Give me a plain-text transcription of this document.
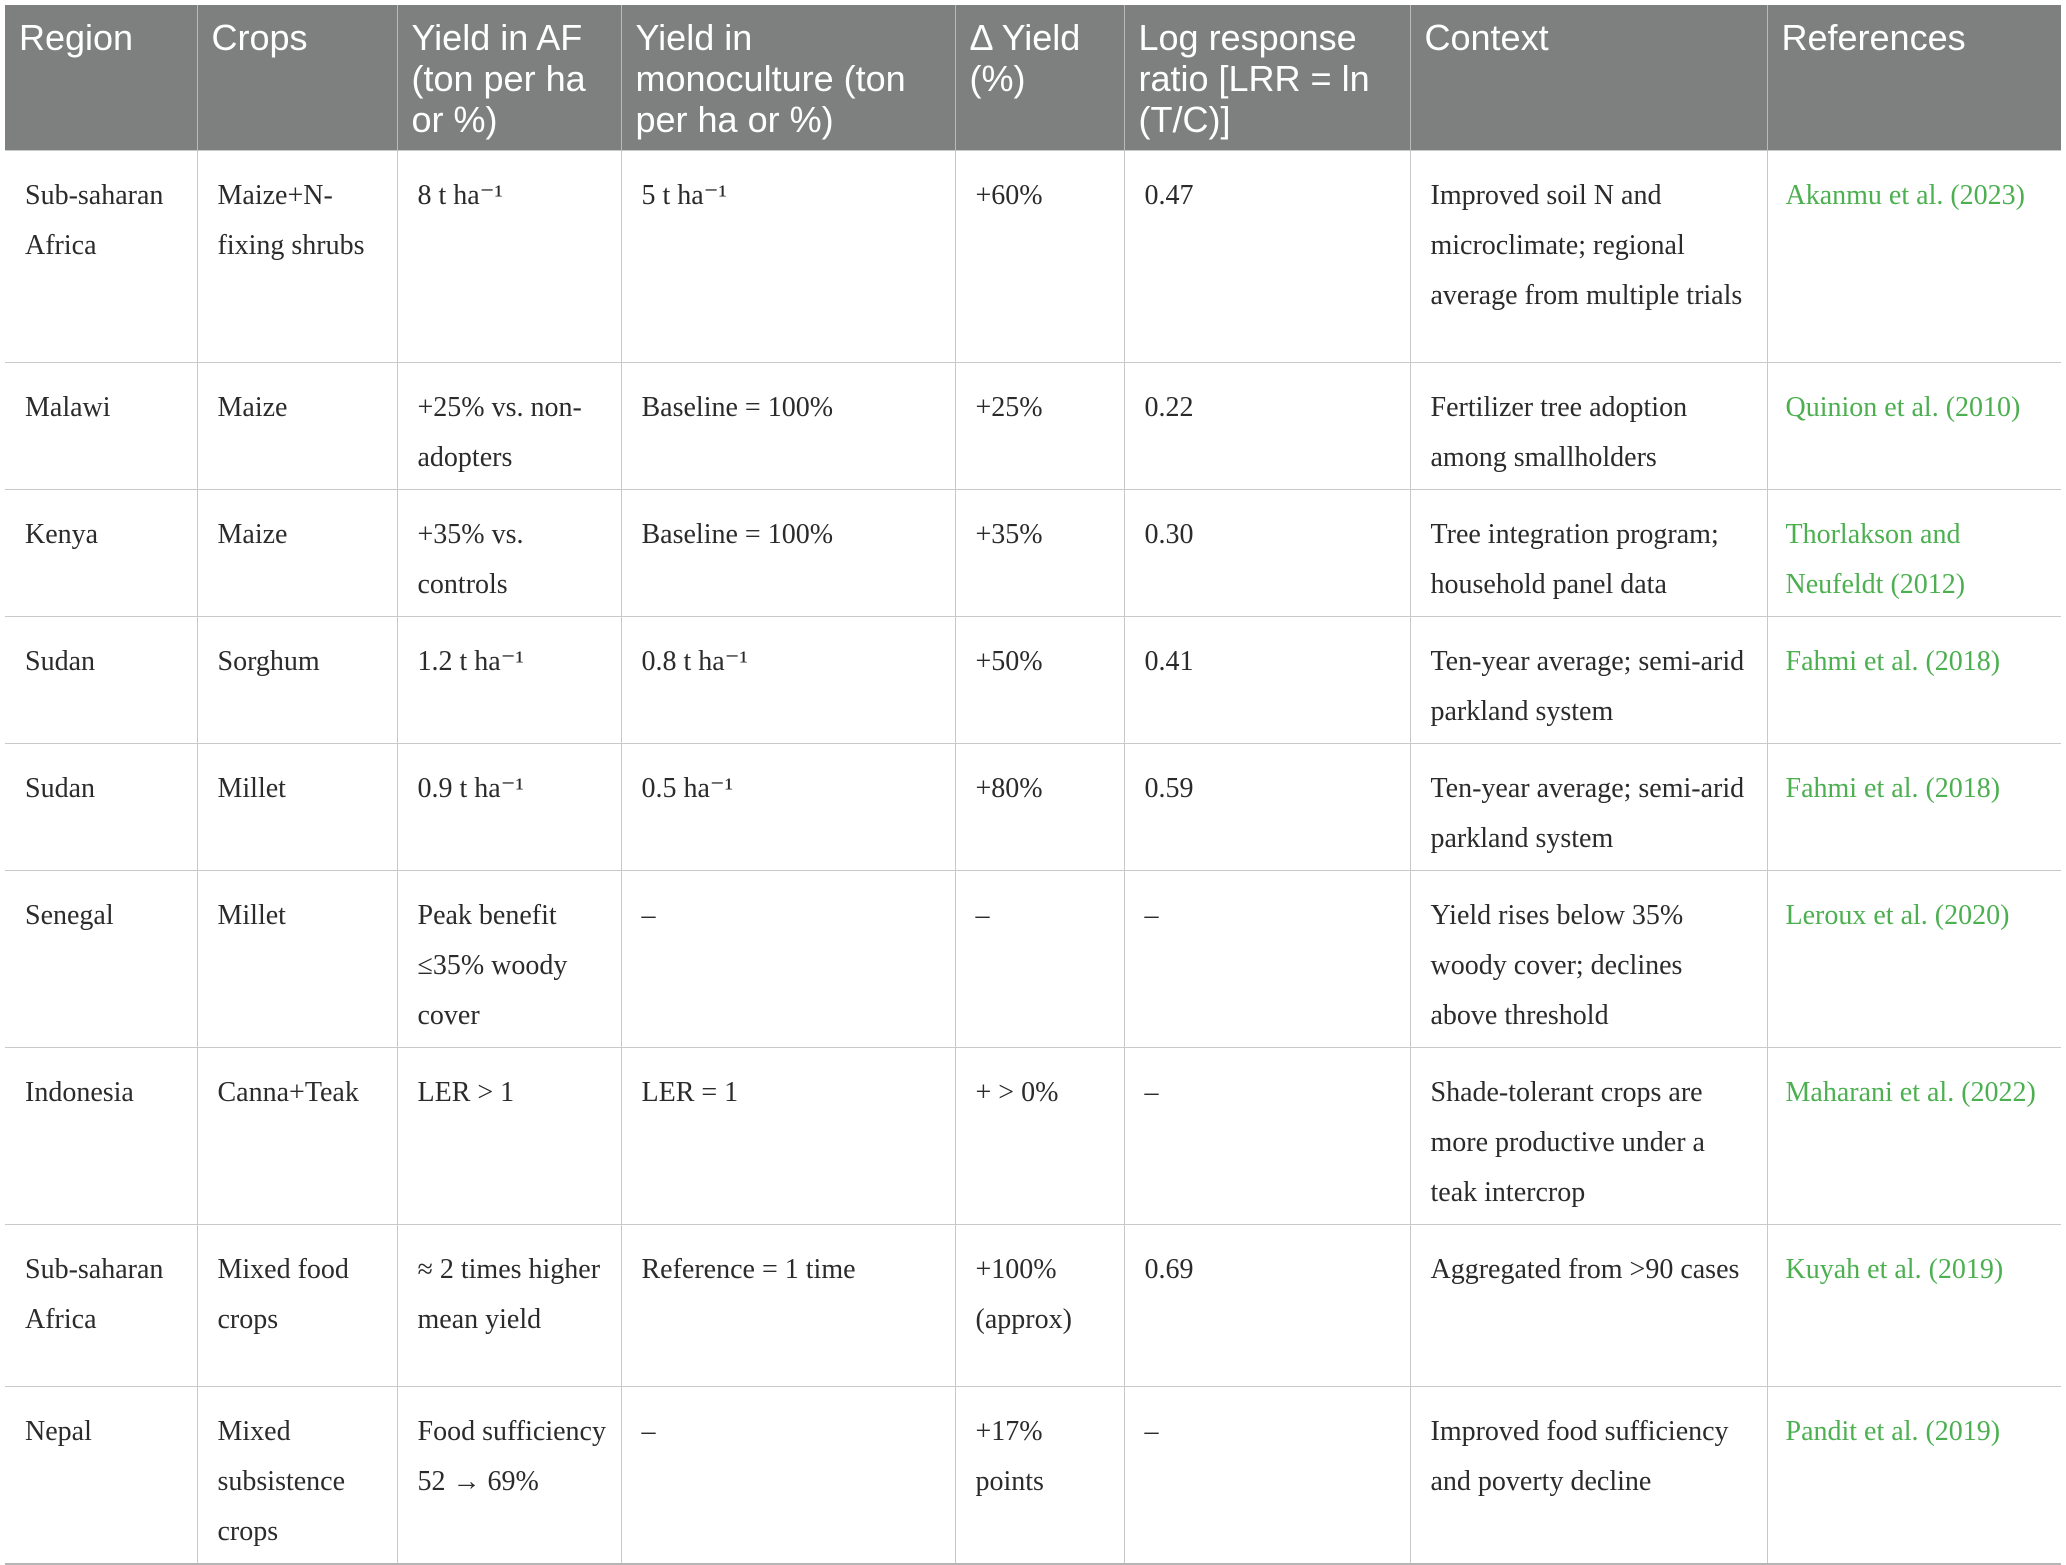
Region	Crops	Yield in AF (ton per ha or %)	Yield in monoculture (ton per ha or %)	Δ Yield (%)	Log response ratio [LRR = ln (T/C)]	Context	References
Sub-saharan Africa	Maize+N-fixing shrubs	8 t ha⁻¹	5 t ha⁻¹	+60%	0.47	Improved soil N and microclimate; regional average from multiple trials	Akanmu et al. (2023)
Malawi	Maize	+25% vs. non-adopters	Baseline = 100%	+25%	0.22	Fertilizer tree adoption among smallholders	Quinion et al. (2010)
Kenya	Maize	+35% vs. controls	Baseline = 100%	+35%	0.30	Tree integration program; household panel data	Thorlakson and Neufeldt (2012)
Sudan	Sorghum	1.2 t ha⁻¹	0.8 t ha⁻¹	+50%	0.41	Ten-year average; semi-arid parkland system	Fahmi et al. (2018)
Sudan	Millet	0.9 t ha⁻¹	0.5 ha⁻¹	+80%	0.59	Ten-year average; semi-arid parkland system	Fahmi et al. (2018)
Senegal	Millet	Peak benefit ≤35% woody cover	–	–	–	Yield rises below 35% woody cover; declines above threshold	Leroux et al. (2020)
Indonesia	Canna+Teak	LER > 1	LER = 1	+ > 0%	–	Shade-tolerant crops are more productive under a teak intercrop	Maharani et al. (2022)
Sub-saharan Africa	Mixed food crops	≈ 2 times higher mean yield	Reference = 1 time	+100% (approx)	0.69	Aggregated from >90 cases	Kuyah et al. (2019)
Nepal	Mixed subsistence crops	Food sufficiency 52 → 69%	–	+17% points	–	Improved food sufficiency and poverty decline	Pandit et al. (2019)
